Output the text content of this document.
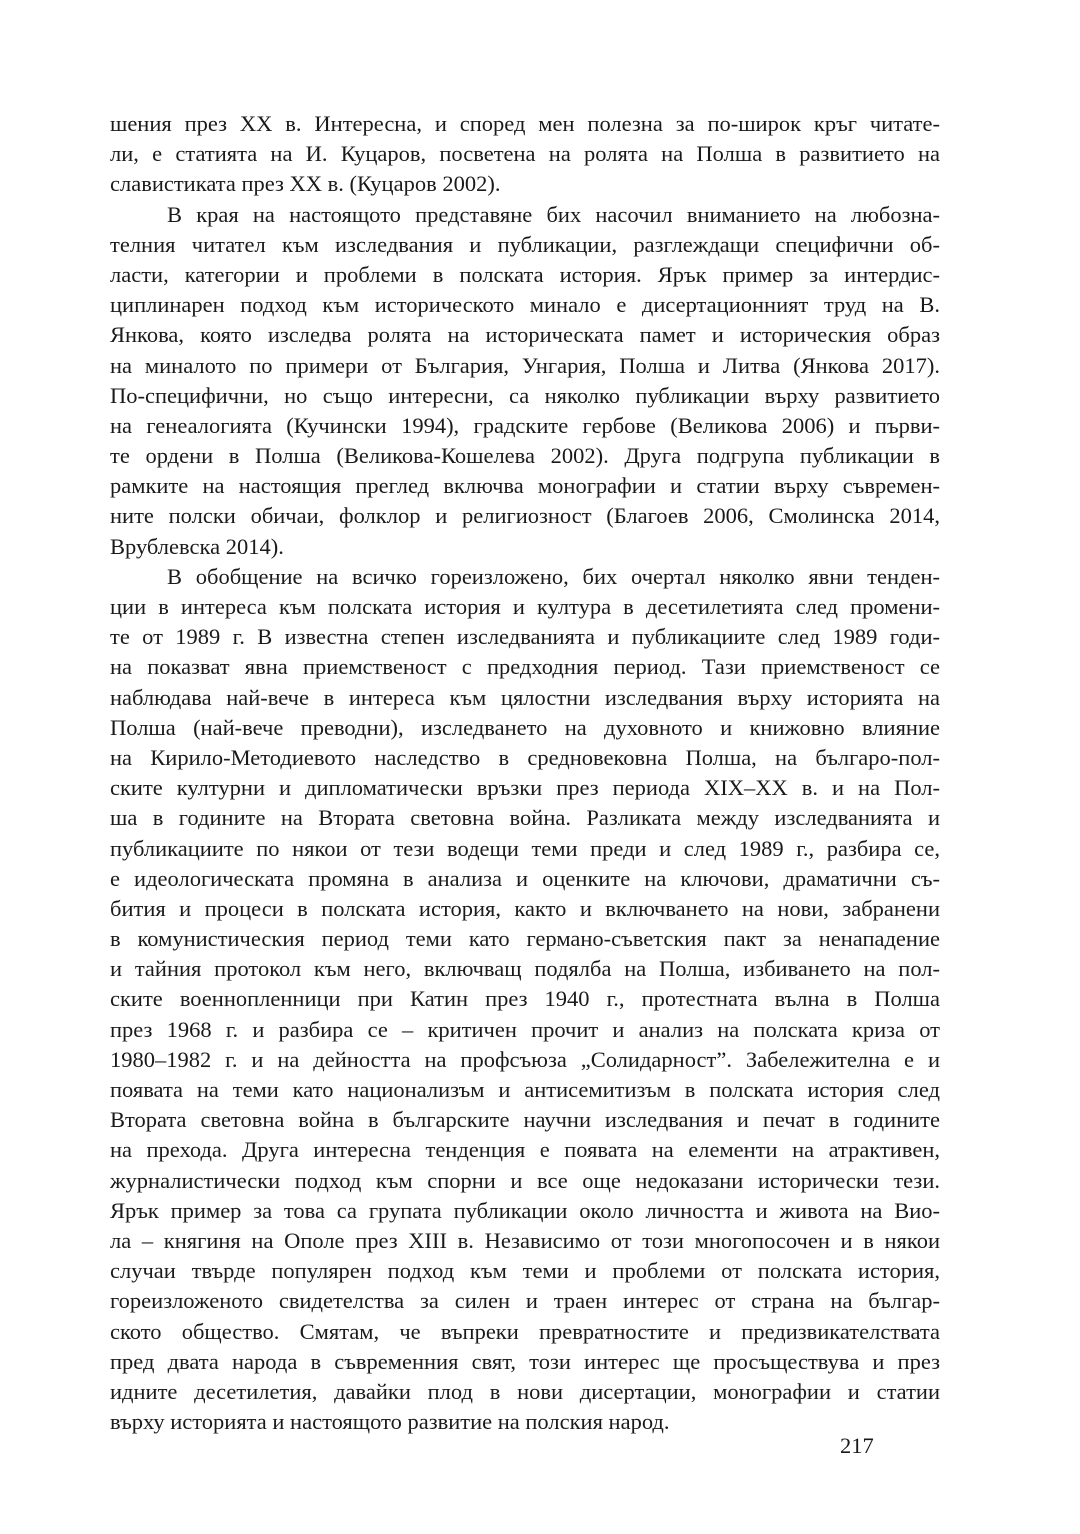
шения през XX в. Интересна, и според мен полезна за по-широк кръг читате-
ли, е статията на И. Куцаров, посветена на ролята на Полша в развитието на
славистиката през XX в. (Куцаров 2002).
В края на настоящото представяне бих насочил вниманието на любозна-
телния читател към изследвания и публикации, разглеждащи специфични об-
ласти, категории и проблеми в полската история. Ярък пример за интердис-
циплинарен подход към историческото минало е дисертационният труд на В.
Янкова, която изследва ролята на историческата памет и историческия образ
на миналото по примери от България, Унгария, Полша и Литва (Янкова 2017).
По-специфични, но също интересни, са няколко публикации върху развитието
на генеалогията (Кучински 1994), градските гербове (Великова 2006) и първи-
те ордени в Полша (Великова-Кошелева 2002). Друга подгрупа публикации в
рамките на настоящия преглед включва монографии и статии върху съвремен-
ните полски обичаи, фолклор и религиозност (Благоев 2006, Смолинска 2014,
Врублевска 2014).
В обобщение на всичко гореизложено, бих очертал няколко явни тенден-
ции в интереса към полската история и култура в десетилетията след промени-
те от 1989 г. В известна степен изследванията и публикациите след 1989 годи-
на показват явна приемственост с предходния период. Тази приемственост се
наблюдава най-вече в интереса към цялостни изследвания върху историята на
Полша (най-вече преводни), изследването на духовното и книжовно влияние
на Кирило-Методиевото наследство в средновековна Полша, на българо-пол-
ските културни и дипломатически връзки през периода XIX–XX в. и на Пол-
ша в годините на Втората световна война. Разликата между изследванията и
публикациите по някои от тези водещи теми преди и след 1989 г., разбира се,
е идеологическата промяна в анализа и оценките на ключови, драматични съ-
бития и процеси в полската история, както и включването на нови, забранени
в комунистическия период теми като германо-съветския пакт за ненападение
и тайния протокол към него, включващ подялба на Полша, избиването на пол-
ските военнопленници при Катин през 1940 г., протестната вълна в Полша
през 1968 г. и разбира се – критичен прочит и анализ на полската криза от
1980–1982 г. и на дейността на профсъюза „Солидарност”. Забележителна е и
появата на теми като национализъм и антисемитизъм в полската история след
Втората световна война в българските научни изследвания и печат в годините
на прехода. Друга интересна тенденция е появата на елементи на атрактивен,
журналистически подход към спорни и все още недоказани исторически тези.
Ярък пример за това са групата публикации около личността и живота на Вио-
ла – княгиня на Ополе през XIII в. Независимо от този многопосочен и в някои
случаи твърде популярен подход към теми и проблеми от полската история,
гореизложеното свидетелства за силен и траен интерес от страна на българ-
ското общество. Смятам, че въпреки превратностите и предизвикателствата
пред двата народа в съвременния свят, този интерес ще просъществува и през
идните десетилетия, давайки плод в нови дисертации, монографии и статии
върху историята и настоящото развитие на полския народ.
217
